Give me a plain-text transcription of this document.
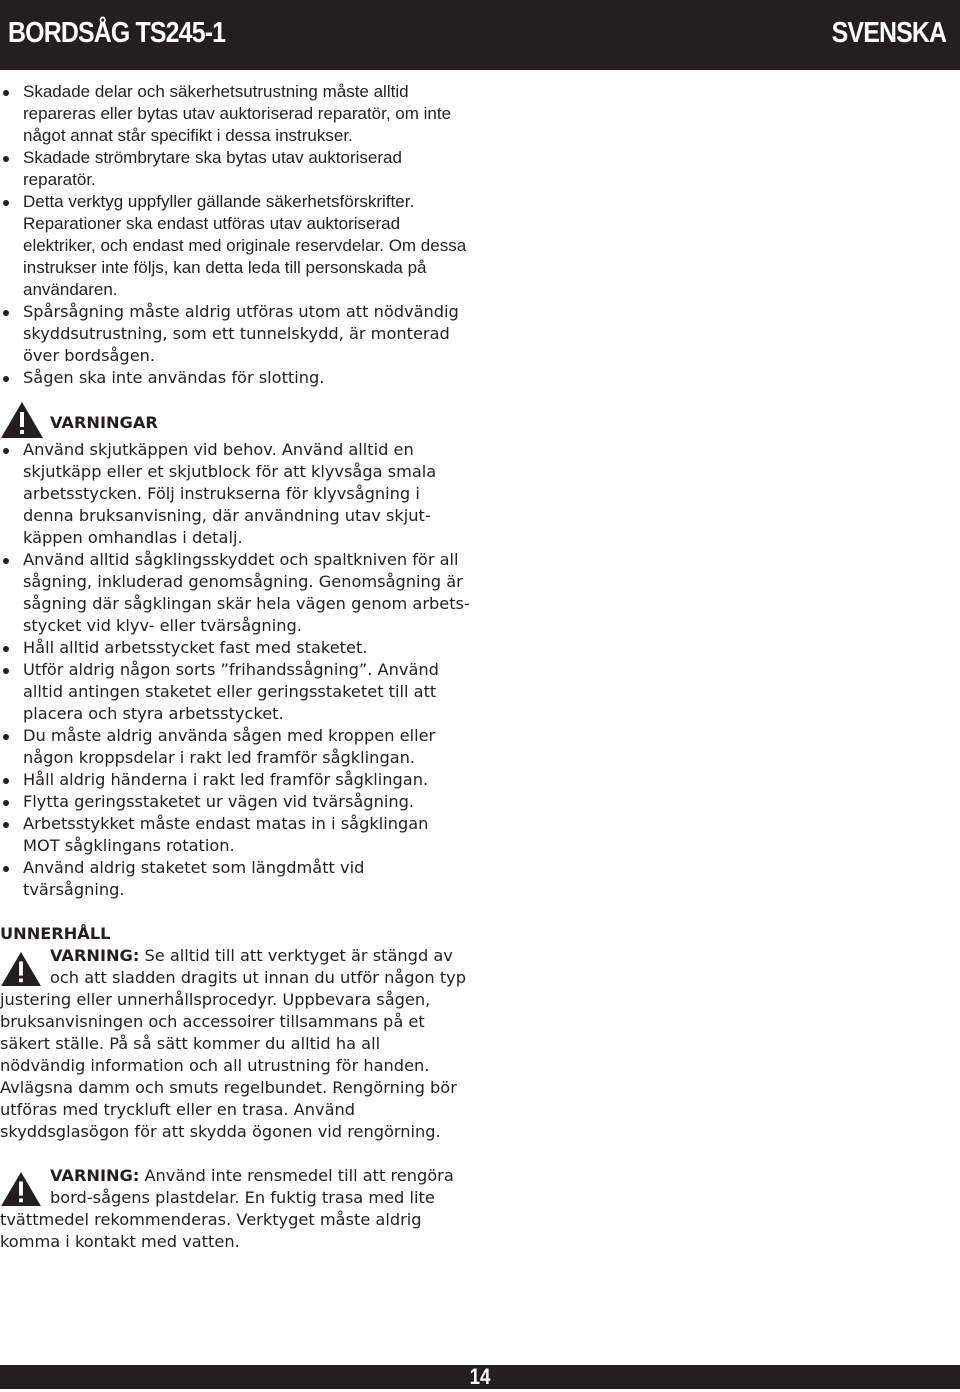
BORDSÅG TS245-1	SVENSKA
Skadade delar och säkerhetsutrustning måste alltid repareras eller bytas utav auktoriserad reparatör, om inte något annat står specifikt i dessa instrukser.
Skadade strömbrytare ska bytas utav auktoriserad reparatör.
Detta verktyg uppfyller gällande säkerhetsförskrifter. Reparationer ska endast utföras utav auktoriserad elektriker, och endast med originale reservdelar. Om dessa instrukser inte följs, kan detta leda till personskada på användaren.
Spårsågning måste aldrig utföras utom att nödvändig skyddsutrustning, som ett tunnelskydd, är monterad över bordsågen.
Sågen ska inte användas för slotting.
VARNINGAR
Använd skjutkäppen vid behov. Använd alltid en skjutkäpp eller et skjutblock för att klyvsåga smala arbetsstycken. Följ instrukserna för klyvsågning i denna bruksanvisning, där användning utav skjut-käppen omhandlas i detalj.
Använd alltid sågklingsskyddet och spaltkniven för all sågning, inkluderad genomsågning. Genomsågning är sågning där sågklingan skär hela vägen genom arbets-stycket vid klyv- eller tvärsågning.
Håll alltid arbetsstycket fast med staketet.
Utför aldrig någon sorts ”frihandssågning”. Använd alltid antingen staketet eller geringsstaketet till att placera och styra arbetsstycket.
Du måste aldrig använda sågen med kroppen eller någon kroppsdelar i rakt led framför sågklingan.
Håll aldrig händerna i rakt led framför sågklingan.
Flytta geringsstaketet ur vägen vid tvärsågning.
Arbetsstykket måste endast matas in i sågklingan MOT sågklingans rotation.
Använd aldrig staketet som längdmått vid tvärsågning.
UNNERHÅLL

VARNING: Se alltid till att verktyget är stängd av och att sladden dragits ut innan du utför någon typ justering eller unnerhållsprocedyr. Uppbevara sågen, bruksanvisningen och accessoirer tillsammans på et säkert ställe. På så sätt kommer du alltid ha all nödvändig information och all utrustning för handen. Avlägsna damm och smuts regelbundet. Rengörning bör utföras med tryckluft eller en trasa. Använd skyddsglasögon för att skydda ögonen vid rengörning.

VARNING: Använd inte rensmedel till att rengöra bord-sågens plastdelar. En fuktig trasa med lite tvättmedel rekommenderas. Verktyget måste aldrig komma i kontakt med vatten.

14
